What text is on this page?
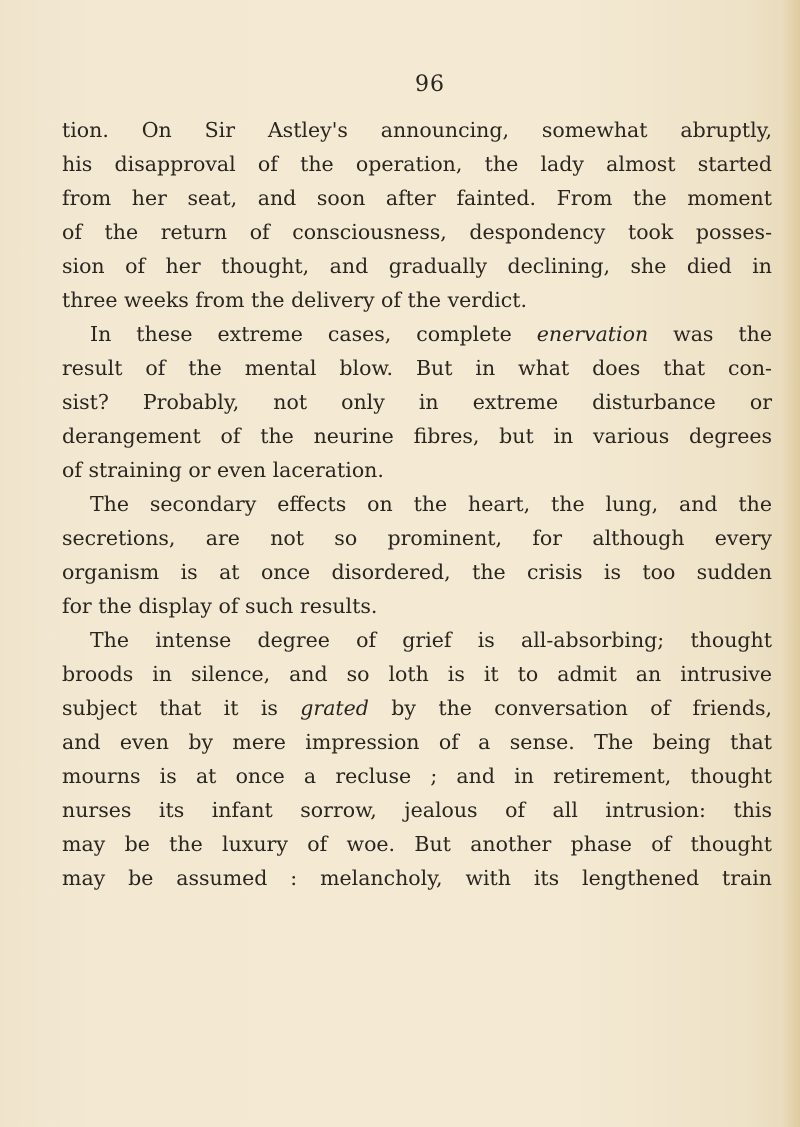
96
tion. On Sir Astley's announcing, somewhat abruptly,
his disapproval of the operation, the lady almost started
from her seat, and soon after fainted. From the moment
of the return of consciousness, despondency took posses-
sion of her thought, and gradually declining, she died in
three weeks from the delivery of the verdict.
In these extreme cases, complete enervation was the
result of the mental blow. But in what does that con-
sist? Probably, not only in extreme disturbance or
derangement of the neurine fibres, but in various degrees
of straining or even laceration.
The secondary effects on the heart, the lung, and the
secretions, are not so prominent, for although every
organism is at once disordered, the crisis is too sudden
for the display of such results.
The intense degree of grief is all-absorbing; thought
broods in silence, and so loth is it to admit an intrusive
subject that it is grated by the conversation of friends,
and even by mere impression of a sense. The being that
mourns is at once a recluse ; and in retirement, thought
nurses its infant sorrow, jealous of all intrusion: this
may be the luxury of woe. But another phase of thought
may be assumed : melancholy, with its lengthened train
